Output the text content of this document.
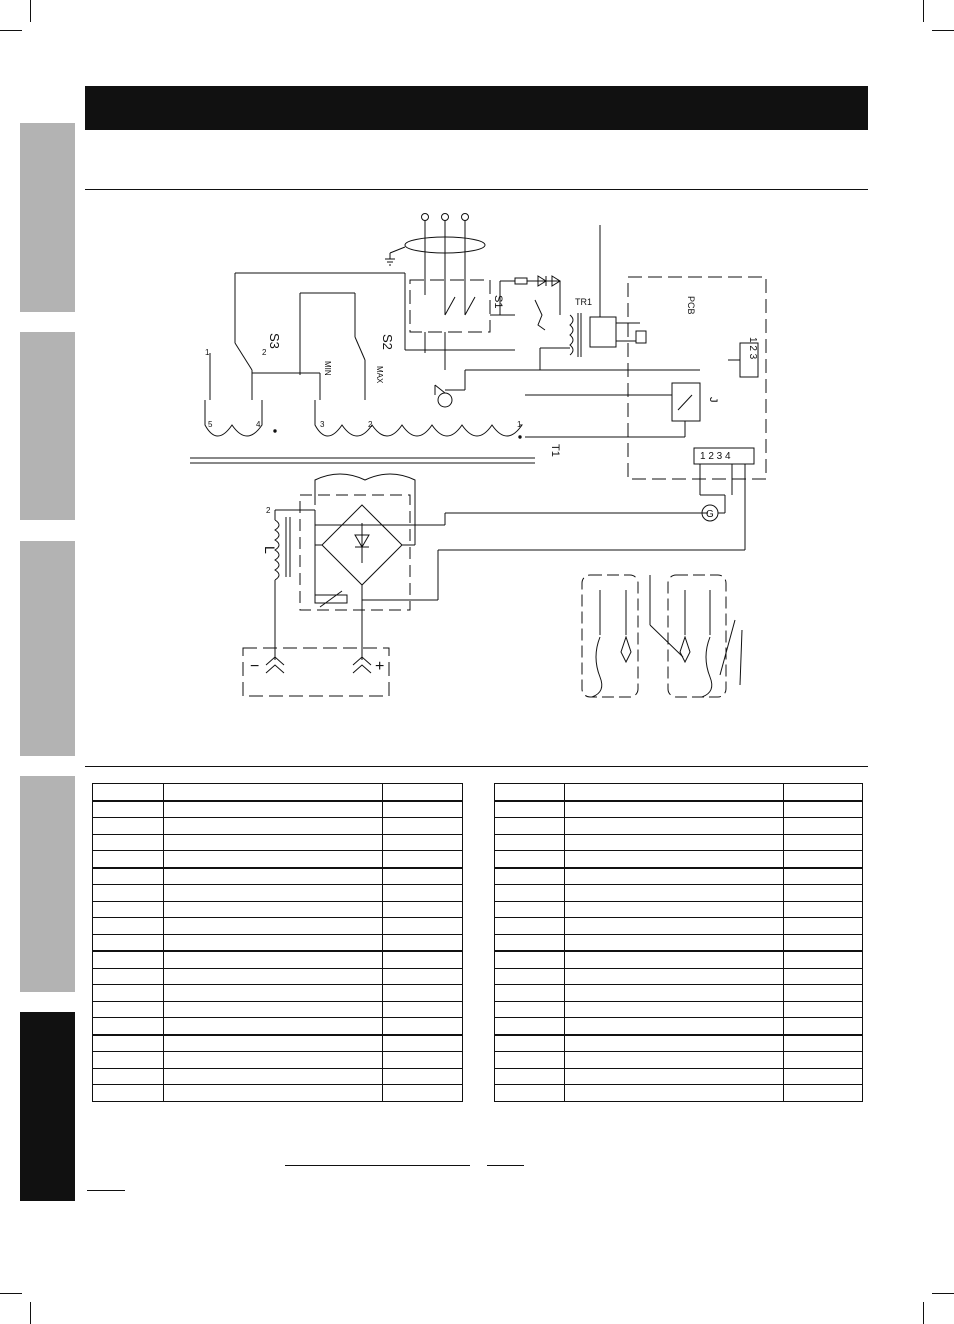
S1	TR1	PCB
1 2 3
J
1 2 3 4
S3
2
S2
MIN	MAX
1
5	4	3	2	1
T1
L
2
−	+
G
